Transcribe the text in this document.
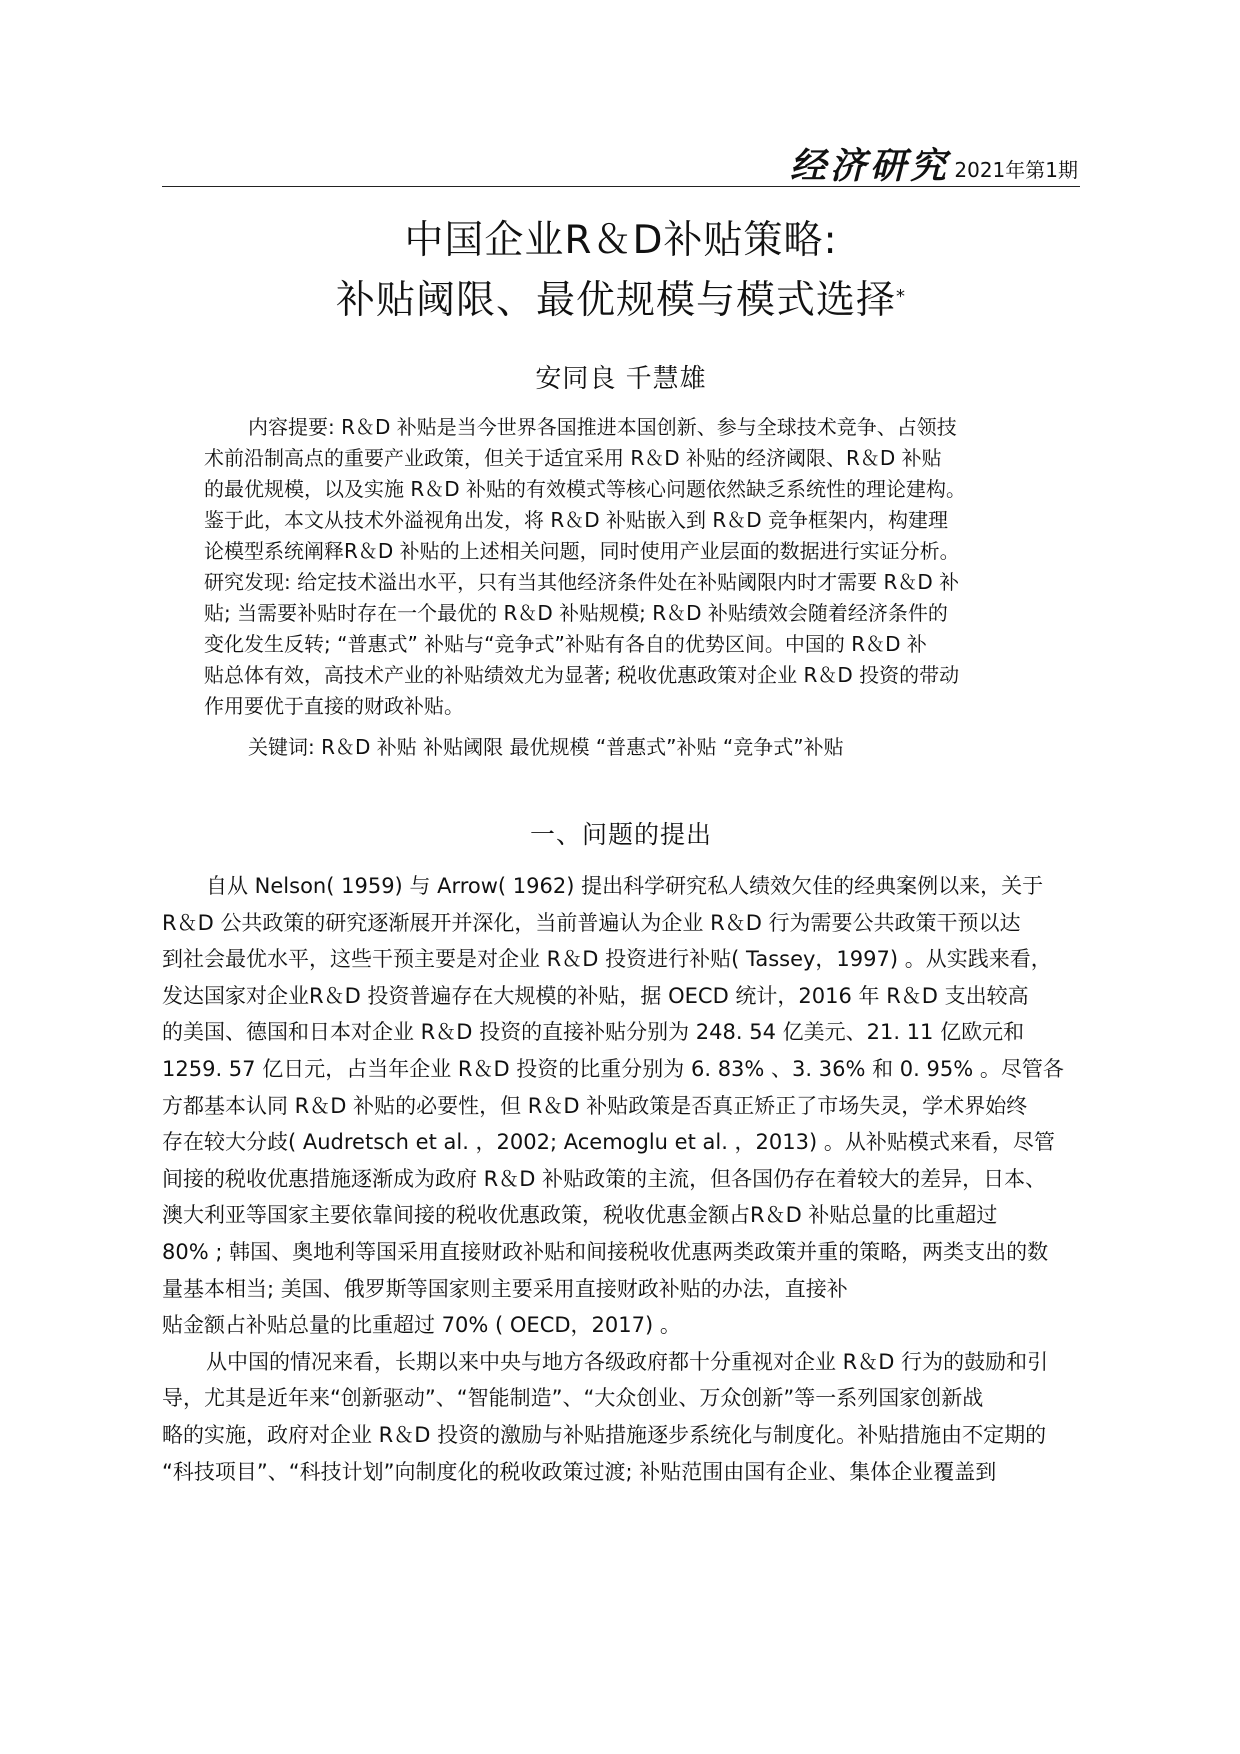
经济研究 2021年第1期
中国企业R＆D补贴策略:
补贴阈限、最优规模与模式选择*
安同良 千慧雄
内容提要: R＆D 补贴是当今世界各国推进本国创新、参与全球技术竞争、占领技
术前沿制高点的重要产业政策，但关于适宜采用 R＆D 补贴的经济阈限、R＆D 补贴
的最优规模，以及实施 R＆D 补贴的有效模式等核心问题依然缺乏系统性的理论建构。
鉴于此，本文从技术外溢视角出发，将 R＆D 补贴嵌入到 R＆D 竞争框架内，构建理
论模型系统阐释R＆D 补贴的上述相关问题，同时使用产业层面的数据进行实证分析。
研究发现: 给定技术溢出水平，只有当其他经济条件处在补贴阈限内时才需要 R＆D 补
贴; 当需要补贴时存在一个最优的 R＆D 补贴规模; R＆D 补贴绩效会随着经济条件的
变化发生反转; “普惠式” 补贴与“竞争式”补贴有各自的优势区间。中国的 R＆D 补
贴总体有效，高技术产业的补贴绩效尤为显著; 税收优惠政策对企业 R＆D 投资的带动
作用要优于直接的财政补贴。
关键词: R＆D 补贴 补贴阈限 最优规模 “普惠式”补贴 “竞争式”补贴
一、问题的提出
自从 Nelson( 1959) 与 Arrow( 1962) 提出科学研究私人绩效欠佳的经典案例以来，关于
R＆D 公共政策的研究逐渐展开并深化，当前普遍认为企业 R＆D 行为需要公共政策干预以达
到社会最优水平，这些干预主要是对企业 R＆D 投资进行补贴( Tassey，1997) 。从实践来看，
发达国家对企业R＆D 投资普遍存在大规模的补贴，据 OECD 统计，2016 年 R＆D 支出较高
的美国、德国和日本对企业 R＆D 投资的直接补贴分别为 248. 54 亿美元、21. 11 亿欧元和
1259. 57 亿日元，占当年企业 R＆D 投资的比重分别为 6. 83% 、3. 36% 和 0. 95% 。尽管各
方都基本认同 R＆D 补贴的必要性，但 R＆D 补贴政策是否真正矫正了市场失灵，学术界始终
存在较大分歧( Audretsch et al. ，2002; Acemoglu et al. ，2013) 。从补贴模式来看，尽管
间接的税收优惠措施逐渐成为政府 R＆D 补贴政策的主流，但各国仍存在着较大的差异，日本、
澳大利亚等国家主要依靠间接的税收优惠政策，税收优惠金额占R＆D 补贴总量的比重超过
80% ; 韩国、奥地利等国采用直接财政补贴和间接税收优惠两类政策并重的策略，两类支出的数
量基本相当; 美国、俄罗斯等国家则主要采用直接财政补贴的办法，直接补
贴金额占补贴总量的比重超过 70% ( OECD，2017) 。
从中国的情况来看，长期以来中央与地方各级政府都十分重视对企业 R＆D 行为的鼓励和引
导，尤其是近年来“创新驱动”、“智能制造”、“大众创业、万众创新”等一系列国家创新战
略的实施，政府对企业 R＆D 投资的激励与补贴措施逐步系统化与制度化。补贴措施由不定期的
“科技项目”、“科技计划”向制度化的税收政策过渡; 补贴范围由国有企业、集体企业覆盖到
